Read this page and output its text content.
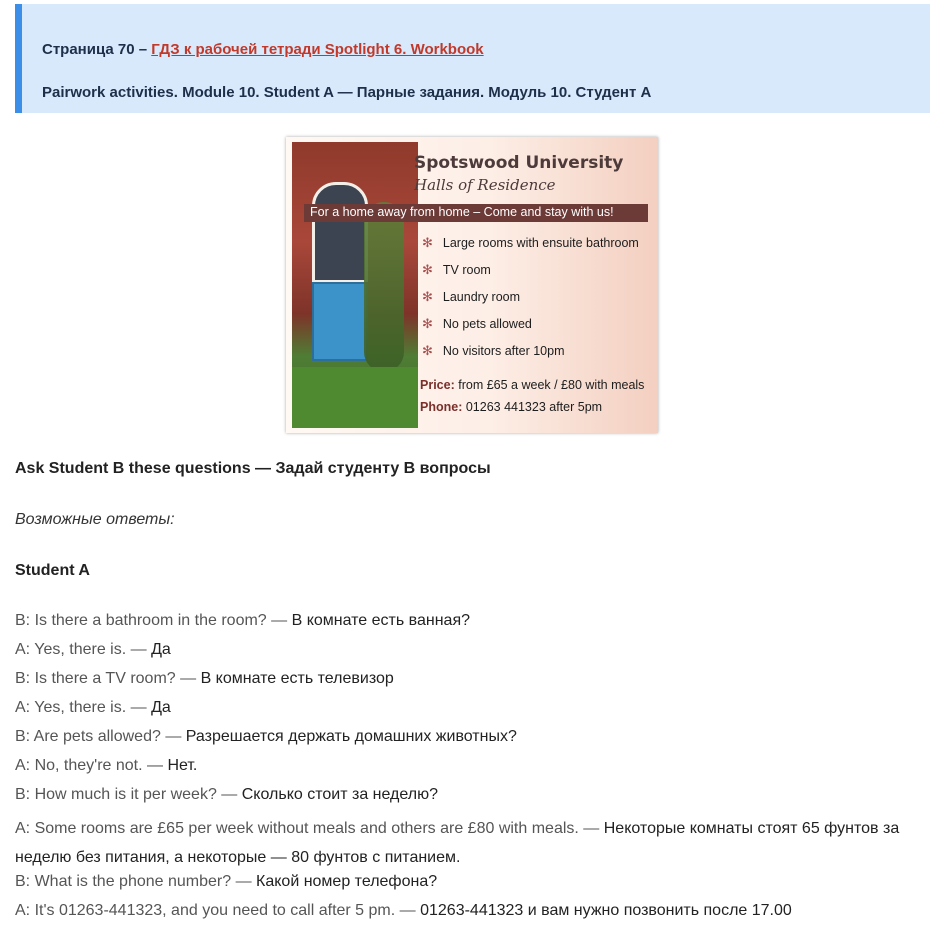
Страница 70 – ГДЗ к рабочей тетради Spotlight 6. Workbook
Pairwork activities. Module 10. Student A — Парные задания. Модуль 10. Студент A
Spotswood University
Halls of Residence
For a home away from home – Come and stay with us!
✻ Large rooms with ensuite bathroom
✻ TV room
✻ Laundry room
✻ No pets allowed
✻ No visitors after 10pm
Price: from £65 a week / £80 with meals
Phone: 01263 441323 after 5pm
Ask Student B these questions — Задай студенту B вопросы
Возможные ответы:
Student A
B: Is there a bathroom in the room? — В комнате есть ванная?
A: Yes, there is. — Да
B: Is there a TV room? — В комнате есть телевизор
A: Yes, there is. — Да
B: Are pets allowed? — Разрешается держать домашних животных?
A: No, they're not. — Нет.
B: How much is it per week? — Сколько стоит за неделю?
A: Some rooms are £65 per week without meals and others are £80 with meals. — Некоторые комнаты стоят 65 фунтов за неделю без питания, а некоторые — 80 фунтов с питанием.
B: What is the phone number? — Какой номер телефона?
A: It's 01263-441323, and you need to call after 5 pm. — 01263-441323 и вам нужно позвонить после 17.00
